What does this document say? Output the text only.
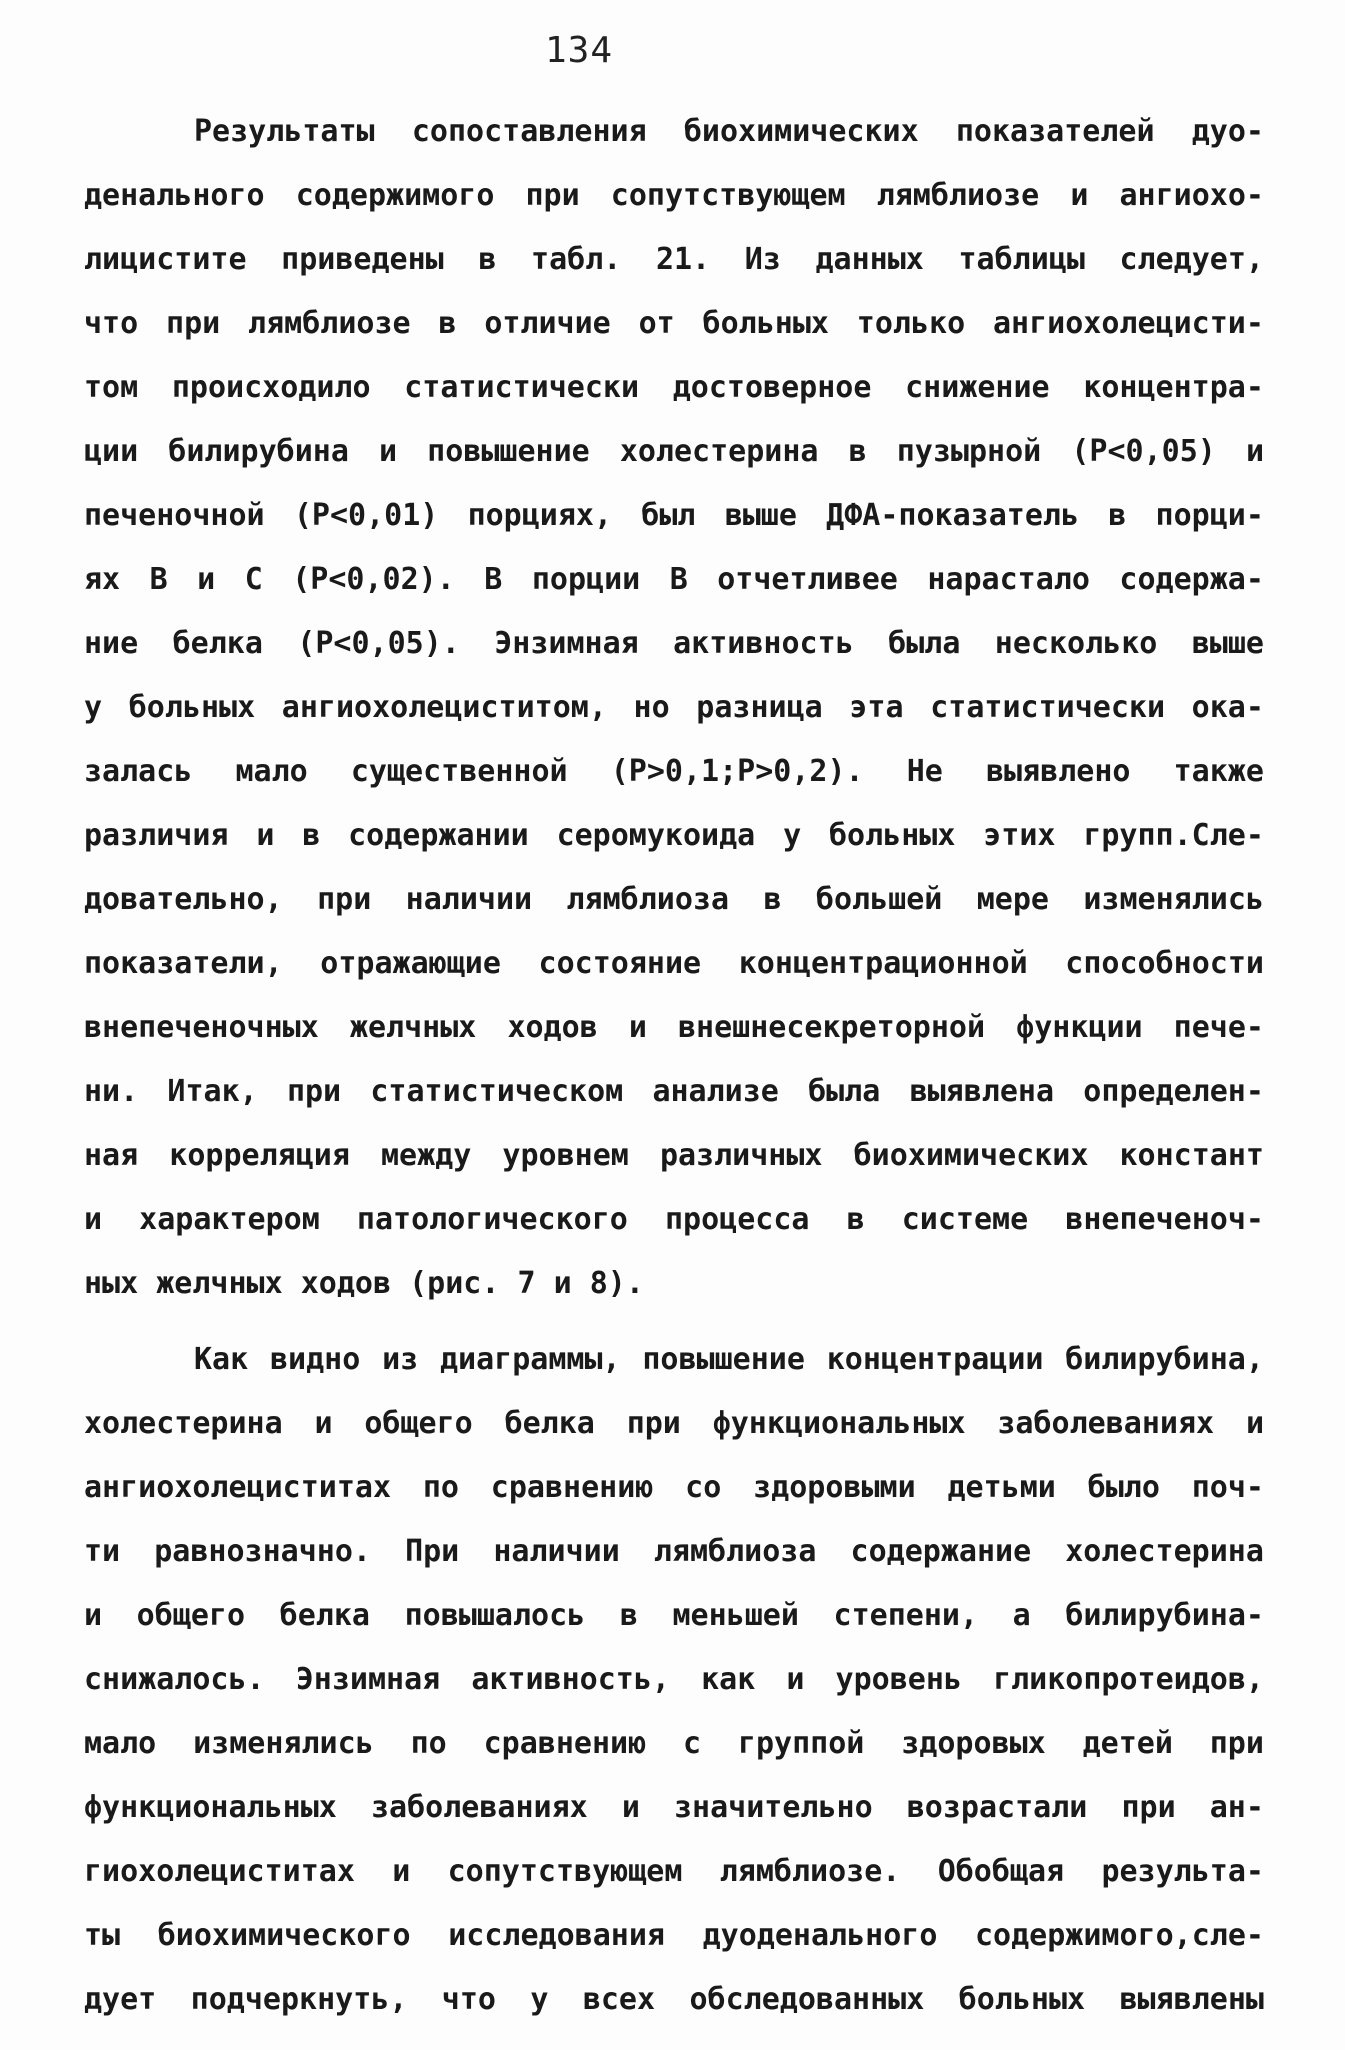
134
Результаты сопоставления биохимических показателей дуо-
денального содержимого при сопутствующем лямблиозе и ангиохо-
лицистите приведены в табл. 21. Из данных таблицы следует,
что при лямблиозе в отличие от больных только ангиохолецисти-
том происходило статистически достоверное снижение концентра-
ции билирубина и повышение холестерина в пузырной (P<0,05) и
печеночной (P<0,01) порциях, был выше ДФА-показатель в порци-
ях B и C (P<0,02). В порции В отчетливее нарастало содержа-
ние белка (P<0,05). Энзимная активность была несколько выше
у больных ангиохолециститом, но разница эта статистически ока-
залась мало существенной (P>0,1;P>0,2). Не выявлено также
различия и в содержании серомукоида у больных этих групп.Сле-
довательно, при наличии лямблиоза в большей мере изменялись
показатели, отражающие состояние концентрационной способности
внепеченочных желчных ходов и внешнесекреторной функции пече-
ни. Итак, при статистическом анализе была выявлена определен-
ная корреляция между уровнем различных биохимических констант
и характером патологического процесса в системе внепеченоч-
ных желчных ходов (рис. 7 и 8).
Как видно из диаграммы, повышение концентрации билирубина,
холестерина и общего белка при функциональных заболеваниях и
ангиохолециститах по сравнению со здоровыми детьми было поч-
ти равнозначно. При наличии лямблиоза содержание холестерина
и общего белка повышалось в меньшей степени, а билирубина-
снижалось. Энзимная активность, как и уровень гликопротеидов,
мало изменялись по сравнению с группой здоровых детей при
функциональных заболеваниях и значительно возрастали при ан-
гиохолециститах и сопутствующем лямблиозе. Обобщая результа-
ты биохимического исследования дуоденального содержимого,сле-
дует подчеркнуть, что у всех обследованных больных выявлены
